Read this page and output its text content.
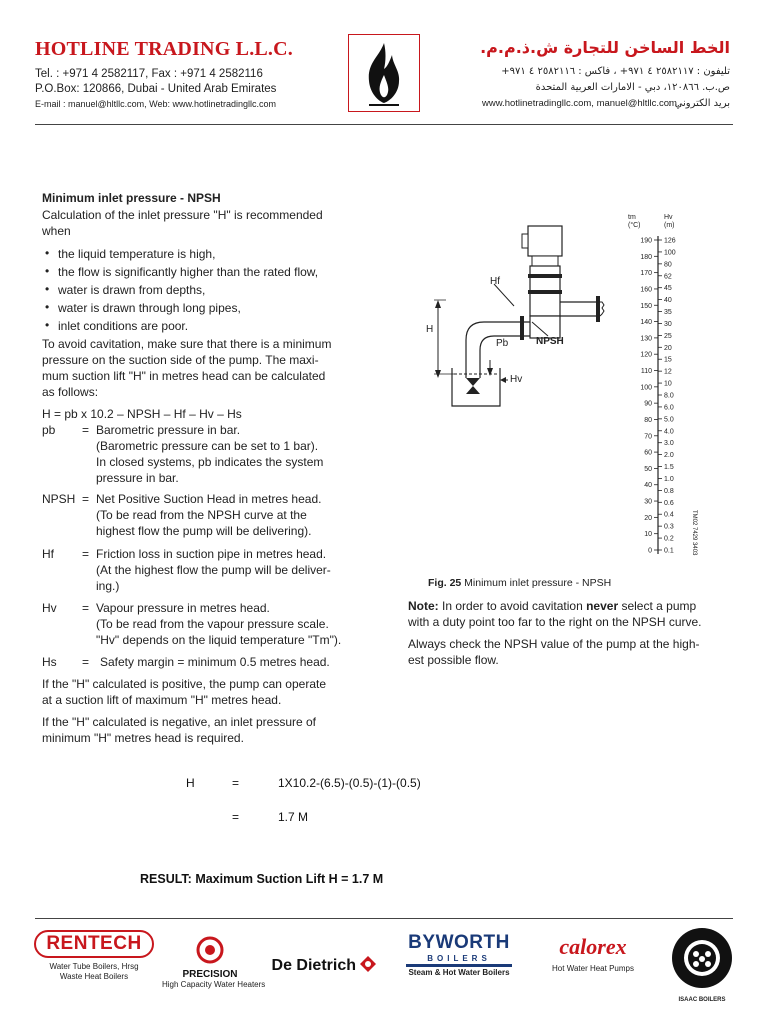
HOTLINE TRADING L.L.C.
Tel. : +971 4 2582117, Fax : +971 4 2582116
P.O.Box: 120866, Dubai - United Arab Emirates
E-mail : manuel@hltllc.com, Web: www.hotlinetradingllc.com
الخط الساخن للتجارة ش.ذ.م.م.
تليفون : ٢٥٨٢١١٧ ٤ ٩٧١+ ، فاكس : ٢٥٨٢١١٦ ٤ ٩٧١+
ص.ب. ١٢٠٨٦٦، دبي - الامارات العربية المتحدة
www.hotlinetradingllc.com, manuel@hltllc.com.
بريد الكتروني :
Minimum inlet pressure - NPSH
Calculation of the inlet pressure "H" is recommended
when
• the liquid temperature is high,
• the flow is significantly higher than the rated flow,
• water is drawn from depths,
• water is drawn through long pipes,
• inlet conditions are poor.
To avoid cavitation, make sure that there is a minimum
pressure on the suction side of the pump. The maxi-
mum suction lift "H" in metres head can be calculated
as follows:
H = pb x 10.2 – NPSH – Hf – Hv – Hs
pb = Barometric pressure in bar.
(Barometric pressure can be set to 1 bar).
In closed systems, pb indicates the system
pressure in bar.
NPSH = Net Positive Suction Head in metres head.
(To be read from the NPSH curve at the
highest flow the pump will be delivering).
Hf = Friction loss in suction pipe in metres head.
(At the highest flow the pump will be deliver-
ing.)
Hv = Vapour pressure in metres head.
(To be read from the vapour pressure scale.
"Hv" depends on the liquid temperature "Tm").
Hs = Safety margin = minimum 0.5 metres head.
If the "H" calculated is positive, the pump can operate
at a suction lift of maximum "H" metres head.
If the "H" calculated is negative, an inlet pressure of
minimum "H" metres head is required.
190
180
170
160
150
140
130
120
110
100
90
80
70
60
50
40
30
20
10
0
126
100
80
62
45
40
35
30
25
20
15
12
10
8.0
6.0
5.0
4.0
3.0
2.0
1.5
1.0
0.8
0.6
0.4
0.3
0.2
0.1
Hf
H
Pb	NPSH
Hv
tm
(°C)
Hv
(m)
TM02 7429 3403
Fig. 25 Minimum inlet pressure - NPSH
Note: In order to avoid cavitation never select a pump
with a duty point too far to the right on the NPSH curve.
Always check the NPSH value of the pump at the high-
est possible flow.
H	=	1X10.2-(6.5)-(0.5)-(1)-(0.5)
=	1.7 M
RESULT: Maximum Suction Lift H = 1.7 M
RENTECH
Water Tube Boilers, Hrsg
Waste Heat Boilers	PRECISION
High Capacity Water Heaters
De Dietrich
BYWORTH
BOILERS
Steam & Hot Water Boilers
calorex
Hot Water Heat Pumps
ISAAC BOILERS
